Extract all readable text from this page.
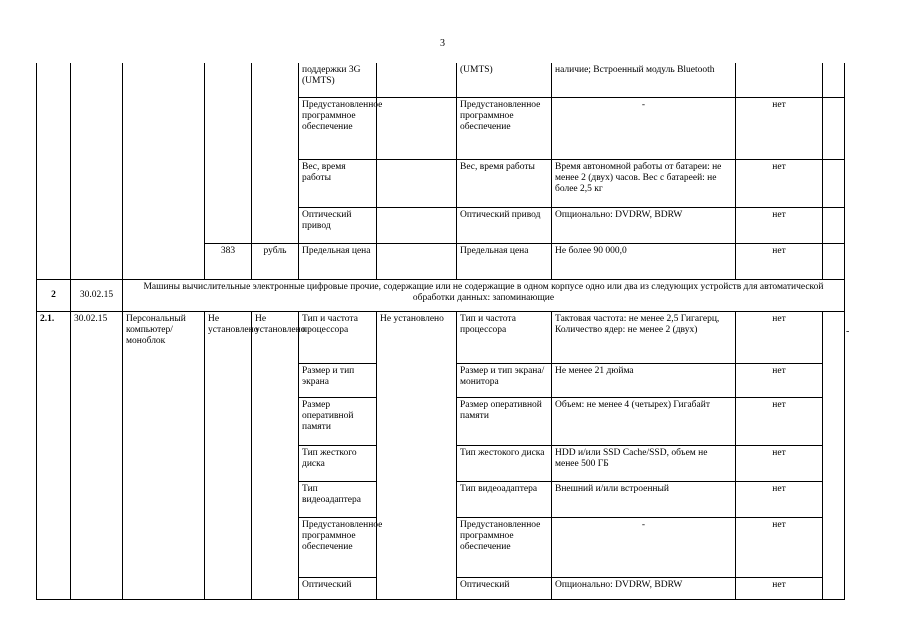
3
					поддержки 3G (UMTS)		(UMTS)	наличие; Встроенный модуль Bluetooth		
					Предустановленное программное обеспечение		Предустановленное программное обеспечение	-	нет	
					Вес, время работы		Вес, время работы	Время автономной работы от батареи: не менее 2 (двух) часов. Вес с батареей: не более 2,5 кг	нет	
					Оптический привод		Оптический привод	Опционально: DVDRW, BDRW	нет	
			383	рубль	Предельная цена		Предельная цена	Не более 90 000,0	нет	
2	30.02.15	Машины вычислительные электронные цифровые прочие, содержащие или не содержащие в одном корпусе одно или два из следующих устройств для автоматической обработки данных: запоминающие								
2.1.	30.02.15	Персональный компьютер/моноблок	Не установлено	Не установлено	Тип и частота процессора	Не установлено	Тип и частота процессора	Тактовая частота: не менее 2,5 Гигагерц, Количество ядер: не менее 2 (двух)	нет	
					Размер и тип экрана		Размер и тип экрана/монитора	Не менее 21 дюйма	нет	
					Размер оперативной памяти		Размер оперативной памяти	Объем: не менее 4 (четырех) Гигабайт	нет	
					Тип жесткого диска		Тип жестокого диска	HDD и/или SSD Cache/SSD, объем не менее 500 ГБ	нет	
					Тип видеоадаптера		Тип видеоадаптера	Внешний и/или встроенный	нет	
					Предустановленное программное обеспечение		Предустановленное программное обеспечение	-	нет	
					Оптический		Оптический	Опционально: DVDRW, BDRW	нет	
-
